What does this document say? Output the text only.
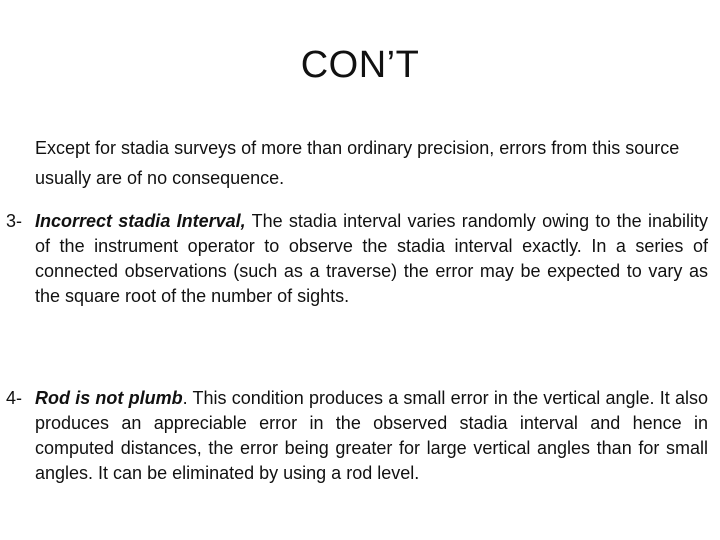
CON’T
Except for stadia surveys of more than ordinary precision, errors from this source usually are of no consequence.
3- Incorrect stadia Interval, The stadia interval varies randomly owing to the inability of the instrument operator to observe the stadia interval exactly. In a series of connected observations (such as a traverse) the error may be expected to vary as the square root of the number of sights.
4- Rod is not plumb. This condition produces a small error in the vertical angle. It also produces an appreciable error in the observed stadia interval and hence in computed distances, the error being greater for large vertical angles than for small angles. It can be eliminated by using a rod level.
